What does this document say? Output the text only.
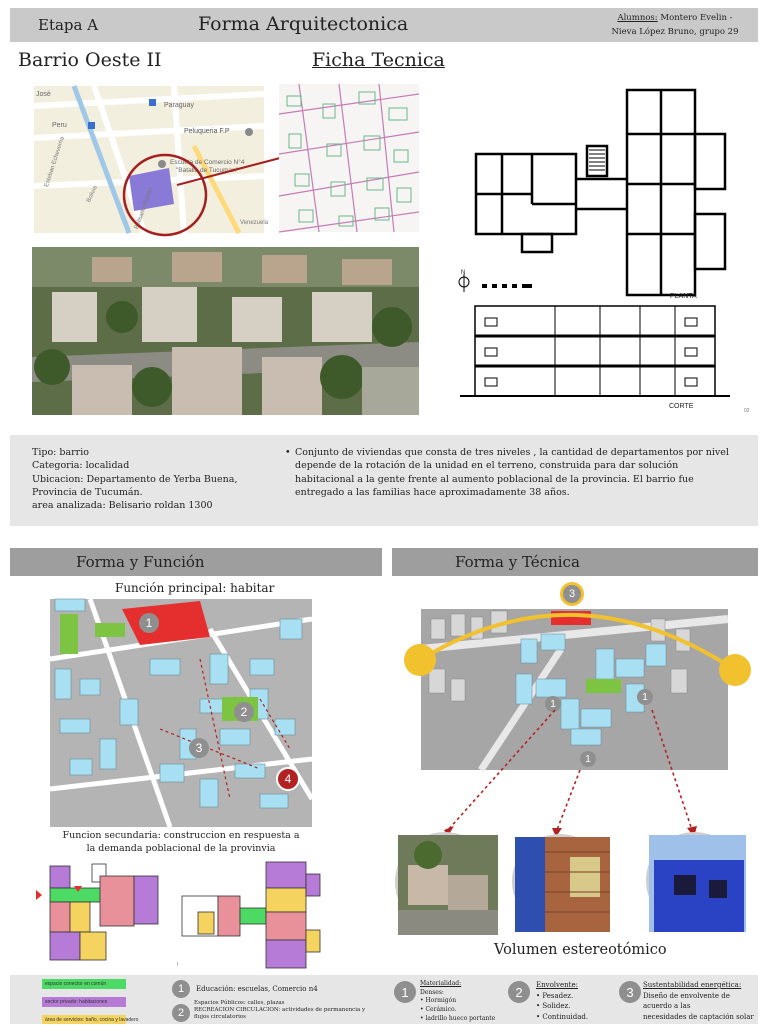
Etapa A	Forma Arquitectonica	Alumnos: Montero Evelin -
Nieva López Bruno, grupo 29
Barrio Oeste II	Ficha Tecnica
José
Paraguay
Peru
Peluqueria F.P
Escuela de Comercio N°4
"Batalla de Tucuman"
Esteban Echeverria
Bolivia	Belisario Roldán	Venezuela
N
PLANTA
CORTE
02
Tipo: barrio
Categoria: localidad
Ubicacion: Departamento de Yerba Buena,
Provincia de Tucumán.
area analizada: Belisario roldan 1300
• Conjunto de viviendas que consta de tres niveles , la cantidad de departamentos por nivel depende de la rotación de la unidad en el terreno, construida para dar solución habitacional a la gente frente al aumento poblacional de la provincia. El barrio fue entregado a las familias hace aproximadamente 38 años.
Forma y Función	Forma y Técnica
Función principal: habitar
1
2
3
4
Funcion secundaria: construccion en respuesta a
la demanda poblacional de la provinvia
↑
1
1
1
3
Volumen estereotómico
espacio conector en común
sector privado: habitaciones
área de servicios: baño, cocina y lavadero
1	Educación: escuelas, Comercio n4
2
Espacios Públicos: calles, plazas
RECREACION CIRCULACION: actividades de permanencia y
flujos circulatorios
1
Materialidad:
Denses:
• Hormigón
• Cerámico.
• ladrillo hueco portante
2	Envolvente:
• Pesadez.
• Solidez.
• Continuidad.
3	Sustentabilidad energética:
Diseño de envolvente de
acuerdo a las
necesidades de captación solar
